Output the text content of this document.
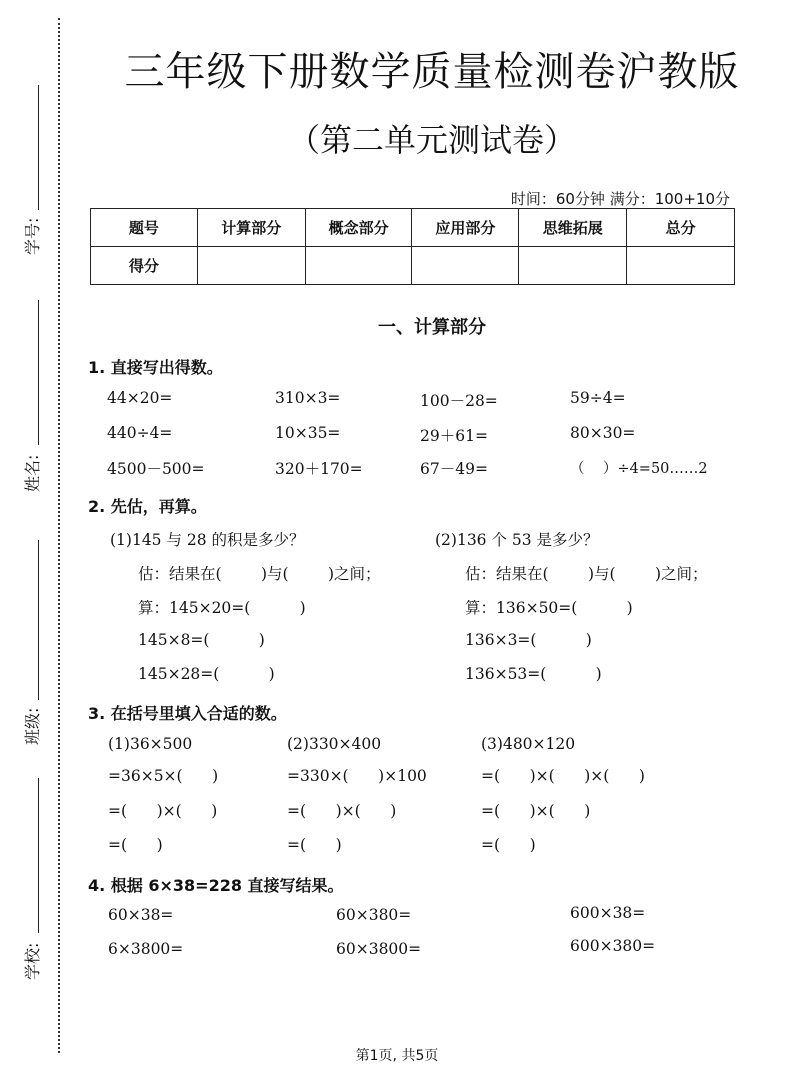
学号:
姓名:
班级:
学校:
三年级下册数学质量检测卷沪教版
（第二单元测试卷）
时间：60分钟 满分：100+10分
题号	计算部分	概念部分	应用部分	思维拓展	总分
得分					
一、计算部分
1. 直接写出得数。
44×20=	310×3=	100－28=	59÷4=
440÷4=	10×35=	29＋61=	80×30=
4500－500=	320＋170=	67－49=	（    ）÷4=50……2
2. 先估，再算。
(1)145 与 28 的积是多少？
估：结果在(        )与(        )之间；
算：145×20=(          )
145×8=(          )
145×28=(          )
(2)136 个 53 是多少？
估：结果在(        )与(        )之间；
算：136×50=(          )
136×3=(          )
136×53=(          )
3. 在括号里填入合适的数。
(1)36×500
=36×5×(      )
=(      )×(      )
=(      )
(2)330×400
=330×(      )×100
=(      )×(      )
=(      )
(3)480×120
=(      )×(      )×(      )
=(      )×(      )
=(      )
4. 根据 6×38=228 直接写结果。
60×38=	60×380=	600×38=
6×3800=	60×3800=	600×380=
第1页, 共5页
